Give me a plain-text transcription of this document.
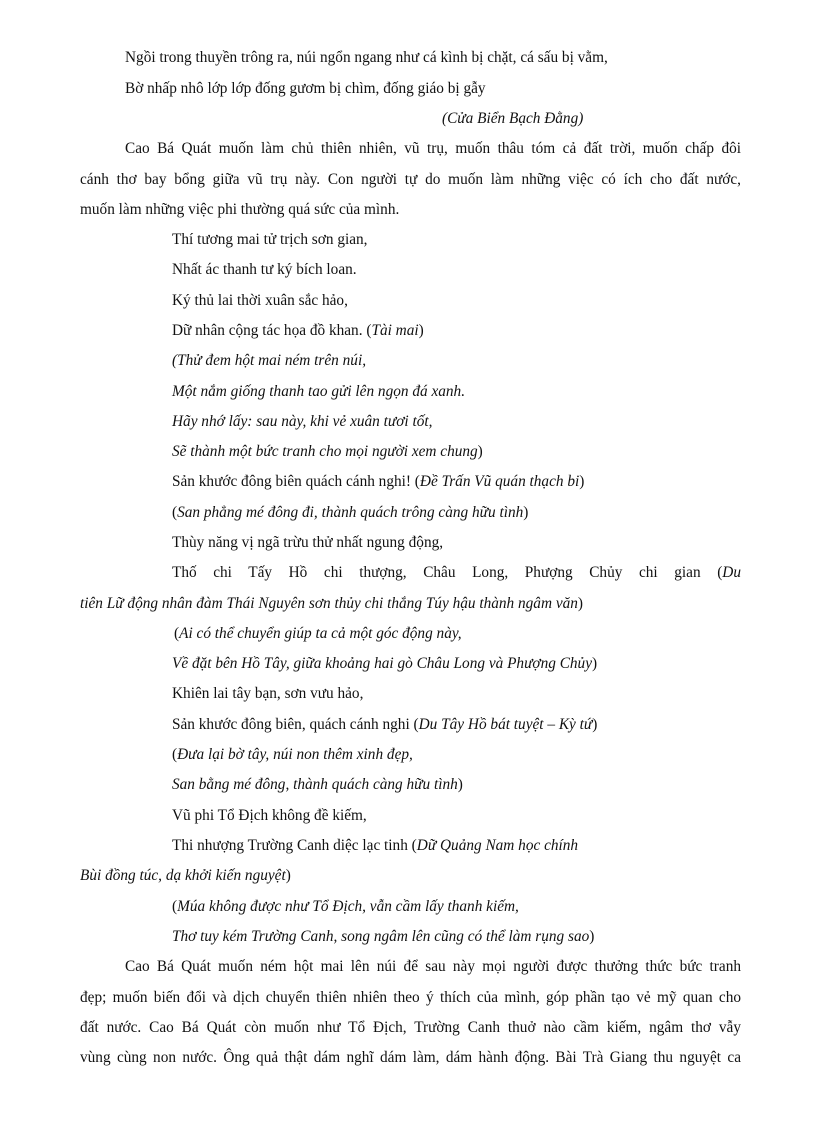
Ngồi trong thuyền trông ra, núi ngổn ngang như cá kình bị chặt, cá sấu bị vằm,

Bờ nhấp nhô lớp lớp đống gươm bị chìm, đống giáo bị gẫy

(Cửa Biển Bạch Đằng)

Cao Bá Quát muốn làm chủ thiên nhiên, vũ trụ, muốn thâu tóm cả đất trời, muốn chấp đôi

cánh thơ bay bổng giữa vũ trụ này. Con người tự do muốn làm những việc có ích cho đất nước,

muốn làm những việc phi thường quá sức của mình.

Thí tương mai tử trịch sơn gian,

Nhất ác thanh tư ký bích loan.

Ký thủ lai thời xuân sắc hảo,

Dữ nhân cộng tác họa đồ khan. (Tài mai)

(Thử đem hột mai ném trên núi,

Một nắm giống thanh tao gửi lên ngọn đá xanh.

Hãy nhớ lấy: sau này, khi vẻ xuân tươi tốt,

Sẽ thành một bức tranh cho mọi người xem chung)

Sản khước đông biên quách cánh nghi! (Đề Trấn Vũ quán thạch bi)

(San phẳng mé đông đi, thành quách trông càng hữu tình)

Thùy năng vị ngã trừu thử nhất ngung động,

Thố chi Tấy Hồ chi thượng, Châu Long, Phượng Chủy chi gian (Du

tiên Lữ động nhân đàm Thái Nguyên sơn thủy chi thắng Túy hậu thành ngâm văn)

(Ai có thể chuyển giúp ta cả một góc động này,

Về đặt bên Hồ Tây, giữa khoảng hai gò Châu Long và Phượng Chủy)

Khiên lai tây bạn, sơn vưu hảo,

Sản khước đông biên, quách cánh nghi (Du Tây Hồ bát tuyệt – Kỳ tứ)

(Đưa lại bờ tây, núi non thêm xinh đẹp,

San bằng mé đông, thành quách càng hữu tình)

Vũ phi Tổ Địch không đề kiếm,

Thi nhượng Trường Canh diệc lạc tinh (Dữ Quảng Nam học chính

Bùi đồng túc, dạ khởi kiến nguyệt)

(Múa không được như Tổ Địch, vẫn cầm lấy thanh kiếm,

Thơ tuy kém Trường Canh, song ngâm lên cũng có thể làm rụng sao)

Cao Bá Quát muốn ném hột mai lên núi để sau này mọi người được thưởng thức bức tranh

đẹp; muốn biến đổi và dịch chuyển thiên nhiên theo ý thích của mình, góp phần tạo vẻ mỹ quan cho

đất nước. Cao Bá Quát còn muốn như Tổ Địch, Trường Canh thuở nào cầm kiếm, ngâm thơ vẫy

vùng cùng non nước. Ông quả thật dám nghĩ dám làm, dám hành động. Bài Trà Giang thu nguyệt ca
